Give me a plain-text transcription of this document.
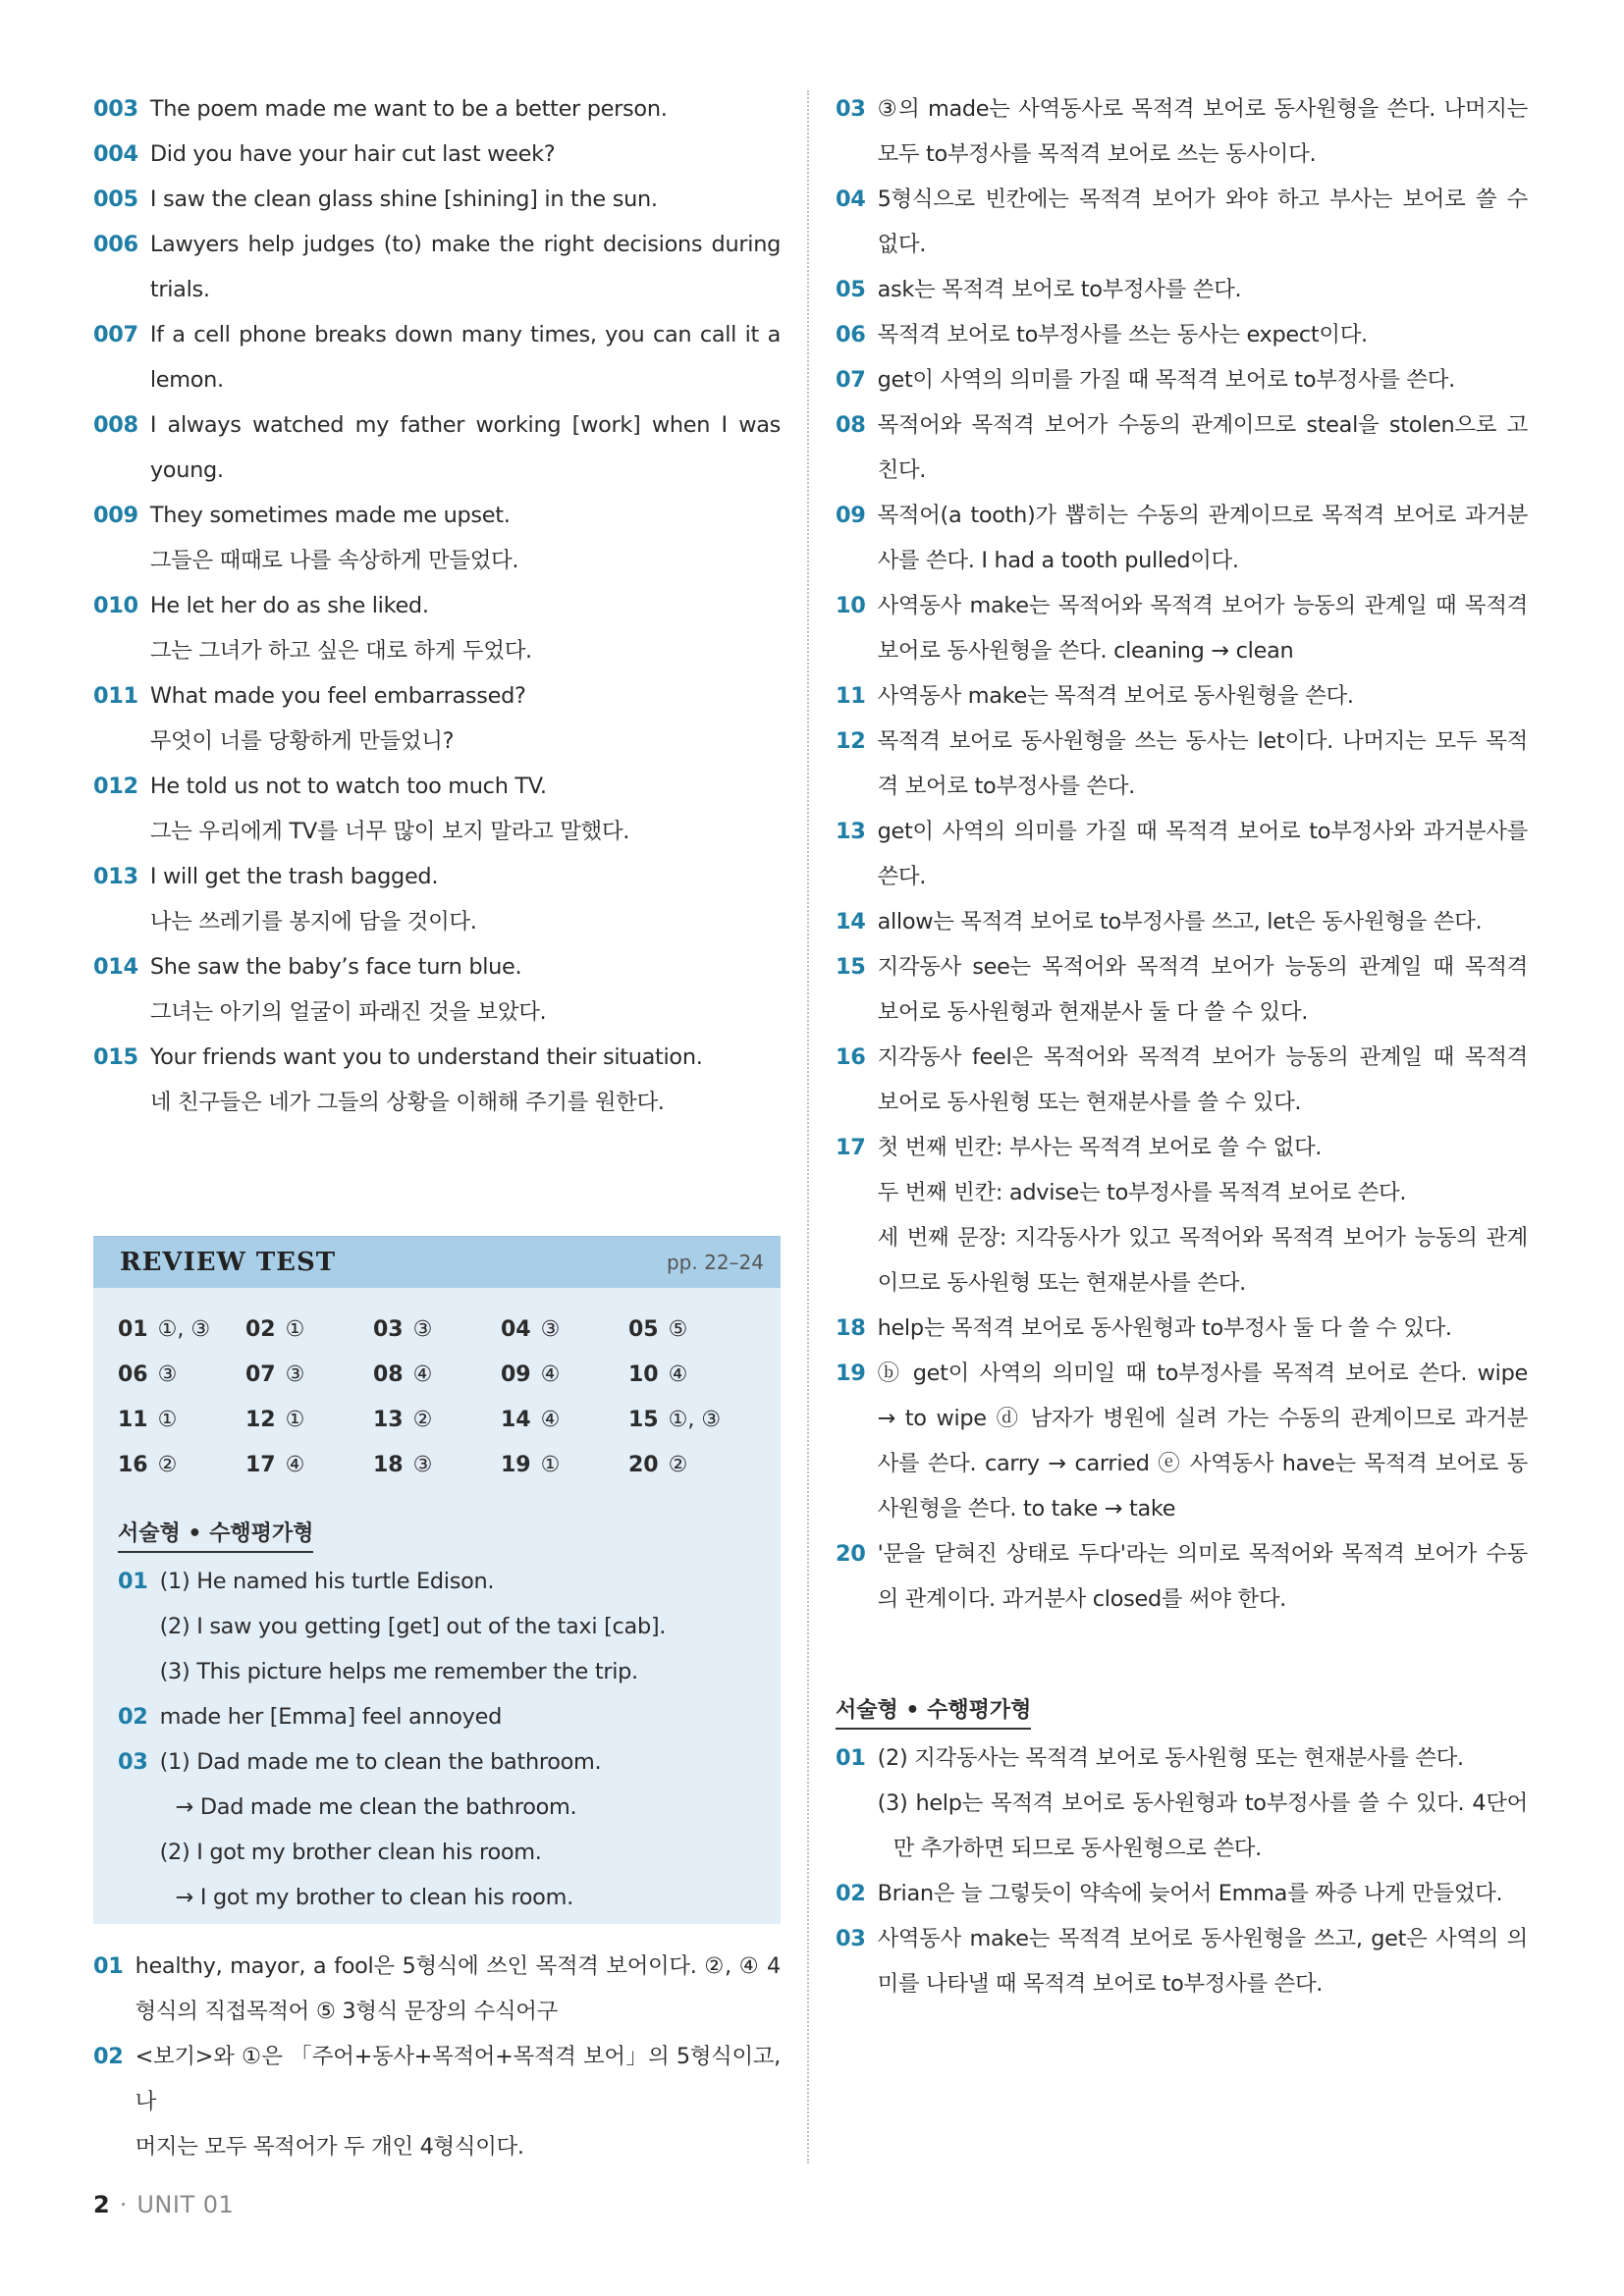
003 The poem made me want to be a better person.
004 Did you have your hair cut last week?
005 I saw the clean glass shine [shining] in the sun.
006 Lawyers help judges (to) make the right decisions during
trials.
007 If a cell phone breaks down many times, you can call it a
lemon.
008 I always watched my father working [work] when I was
young.
009 They sometimes made me upset.
그들은 때때로 나를 속상하게 만들었다.
010 He let her do as she liked.
그는 그녀가 하고 싶은 대로 하게 두었다.
011 What made you feel embarrassed?
무엇이 너를 당황하게 만들었니?
012 He told us not to watch too much TV.
그는 우리에게 TV를 너무 많이 보지 말라고 말했다.
013 I will get the trash bagged.
나는 쓰레기를 봉지에 담을 것이다.
014 She saw the baby’s face turn blue.
그녀는 아기의 얼굴이 파래진 것을 보았다.
015 Your friends want you to understand their situation.
네 친구들은 네가 그들의 상황을 이해해 주기를 원한다.
REVIEW TEST	pp. 22–24
01 ①, ③	02 ①	03 ③	04 ③	05 ⑤
06 ③	07 ③	08 ④	09 ④	10 ④
11 ①	12 ①	13 ②	14 ④	15 ①, ③
16 ②	17 ④	18 ③	19 ①	20 ②
서술형 • 수행평가형
01 (1) He named his turtle Edison.
(2) I saw you getting [get] out of the taxi [cab].
(3) This picture helps me remember the trip.
02 made her [Emma] feel annoyed
03 (1) Dad made me to clean the bathroom.
→ Dad made me clean the bathroom.
(2) I got my brother clean his room.
→ I got my brother to clean his room.
01 healthy, mayor, a fool은 5형식에 쓰인 목적격 보어이다. ②, ④ 4
형식의 직접목적어 ⑤ 3형식 문장의 수식어구
02 <보기>와 ①은 「주어+동사+목적어+목적격 보어」의 5형식이고, 나
머지는 모두 목적어가 두 개인 4형식이다.
03 ③의 made는 사역동사로 목적격 보어로 동사원형을 쓴다. 나머지는
모두 to부정사를 목적격 보어로 쓰는 동사이다.
04 5형식으로 빈칸에는 목적격 보어가 와야 하고 부사는 보어로 쓸 수
없다.
05 ask는 목적격 보어로 to부정사를 쓴다.
06 목적격 보어로 to부정사를 쓰는 동사는 expect이다.
07 get이 사역의 의미를 가질 때 목적격 보어로 to부정사를 쓴다.
08 목적어와 목적격 보어가 수동의 관계이므로 steal을 stolen으로 고
친다.
09 목적어(a tooth)가 뽑히는 수동의 관계이므로 목적격 보어로 과거분
사를 쓴다. I had a tooth pulled이다.
10 사역동사 make는 목적어와 목적격 보어가 능동의 관계일 때 목적격
보어로 동사원형을 쓴다. cleaning → clean
11 사역동사 make는 목적격 보어로 동사원형을 쓴다.
12 목적격 보어로 동사원형을 쓰는 동사는 let이다. 나머지는 모두 목적
격 보어로 to부정사를 쓴다.
13 get이 사역의 의미를 가질 때 목적격 보어로 to부정사와 과거분사를
쓴다.
14 allow는 목적격 보어로 to부정사를 쓰고, let은 동사원형을 쓴다.
15 지각동사 see는 목적어와 목적격 보어가 능동의 관계일 때 목적격
보어로 동사원형과 현재분사 둘 다 쓸 수 있다.
16 지각동사 feel은 목적어와 목적격 보어가 능동의 관계일 때 목적격
보어로 동사원형 또는 현재분사를 쓸 수 있다.
17 첫 번째 빈칸: 부사는 목적격 보어로 쓸 수 없다.
두 번째 빈칸: advise는 to부정사를 목적격 보어로 쓴다.
세 번째 문장: 지각동사가 있고 목적어와 목적격 보어가 능동의 관계
이므로 동사원형 또는 현재분사를 쓴다.
18 help는 목적격 보어로 동사원형과 to부정사 둘 다 쓸 수 있다.
19 ⓑ get이 사역의 의미일 때 to부정사를 목적격 보어로 쓴다. wipe
→ to wipe ⓓ 남자가 병원에 실려 가는 수동의 관계이므로 과거분
사를 쓴다. carry → carried ⓔ 사역동사 have는 목적격 보어로 동
사원형을 쓴다. to take → take
20 '문을 닫혀진 상태로 두다'라는 의미로 목적어와 목적격 보어가 수동
의 관계이다. 과거분사 closed를 써야 한다.
서술형 • 수행평가형
01 (2) 지각동사는 목적격 보어로 동사원형 또는 현재분사를 쓴다.
(3) help는 목적격 보어로 동사원형과 to부정사를 쓸 수 있다. 4단어
만 추가하면 되므로 동사원형으로 쓴다.
02 Brian은 늘 그렇듯이 약속에 늦어서 Emma를 짜증 나게 만들었다.
03 사역동사 make는 목적격 보어로 동사원형을 쓰고, get은 사역의 의
미를 나타낼 때 목적격 보어로 to부정사를 쓴다.
2 · UNIT 01
